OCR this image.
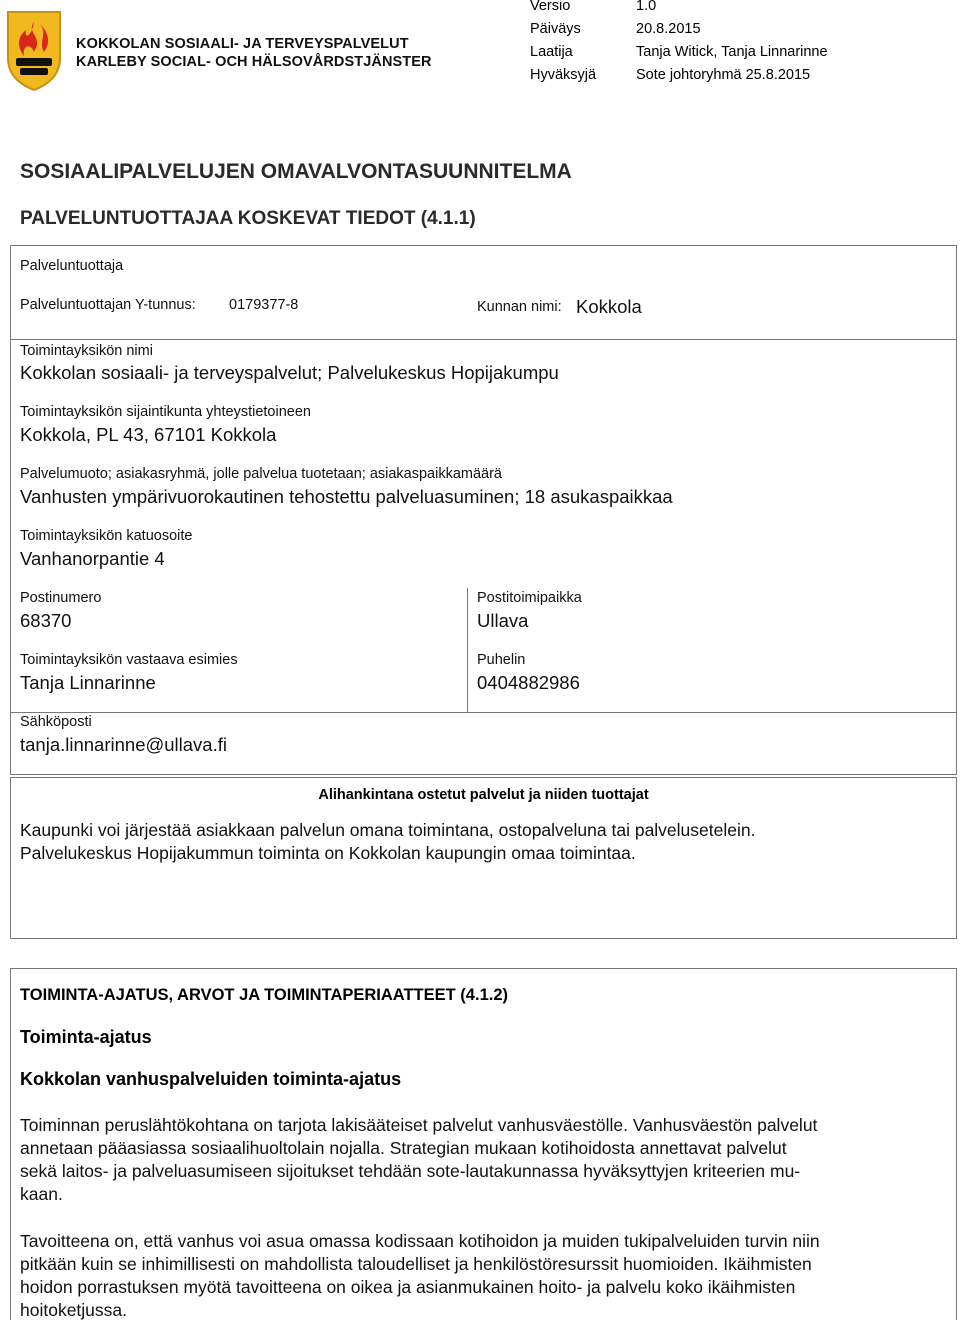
KOKKOLAN SOSIAALI- JA TERVEYSPALVELUT
KARLEBY SOCIAL- OCH HÄLSOVÅRDSTJÄNSTER
Versio	1.0
Päiväys	20.8.2015
Laatija	Tanja Witick, Tanja Linnarinne
Hyväksyjä	Sote johtoryhmä 25.8.2015
SOSIAALIPALVELUJEN OMAVALVONTASUUNNITELMA
PALVELUNTUOTTAJAA KOSKEVAT TIEDOT (4.1.1)
Palveluntuottaja
Palveluntuottajan Y-tunnus: 0179377-8	Kunnan nimi: Kokkola
Toimintayksikön nimi
Kokkolan sosiaali- ja terveyspalvelut; Palvelukeskus Hopijakumpu
Toimintayksikön sijaintikunta yhteystietoineen
Kokkola, PL 43, 67101 Kokkola
Palvelumuoto; asiakasryhmä, jolle palvelua tuotetaan; asiakaspaikkamäärä
Vanhusten ympärivuorokautinen tehostettu palveluasuminen; 18 asukaspaikkaa
Toimintayksikön katuosoite
Vanhanorpantie 4
Postinumero
68370
Postitoimipaikka
Ullava
Toimintayksikön vastaava esimies
Tanja Linnarinne
Puhelin
0404882986
Sähköposti
tanja.linnarinne@ullava.fi
Alihankintana ostetut palvelut ja niiden tuottajat
Kaupunki voi järjestää asiakkaan palvelun omana toimintana, ostopalveluna tai palvelusetelein.
Palvelukeskus Hopijakummun toiminta on Kokkolan kaupungin omaa toimintaa.
TOIMINTA-AJATUS, ARVOT JA TOIMINTAPERIAATTEET (4.1.2)
Toiminta-ajatus
Kokkolan vanhuspalveluiden toiminta-ajatus
Toiminnan peruslähtökohtana on tarjota lakisääteiset palvelut vanhusväestölle. Vanhusväestön palvelut
annetaan pääasiassa sosiaalihuoltolain nojalla. Strategian mukaan kotihoidosta annettavat palvelut
sekä laitos- ja palveluasumiseen sijoitukset tehdään sote-lautakunnassa hyväksyttyjen kriteerien mu-
kaan.
Tavoitteena on, että vanhus voi asua omassa kodissaan kotihoidon ja muiden tukipalveluiden turvin niin
pitkään kuin se inhimillisesti on mahdollista taloudelliset ja henkilöstöresurssit huomioiden. Ikäihmisten
hoidon porrastuksen myötä tavoitteena on oikea ja asianmukainen hoito- ja palvelu koko ikäihmisten
hoitoketjussa.
